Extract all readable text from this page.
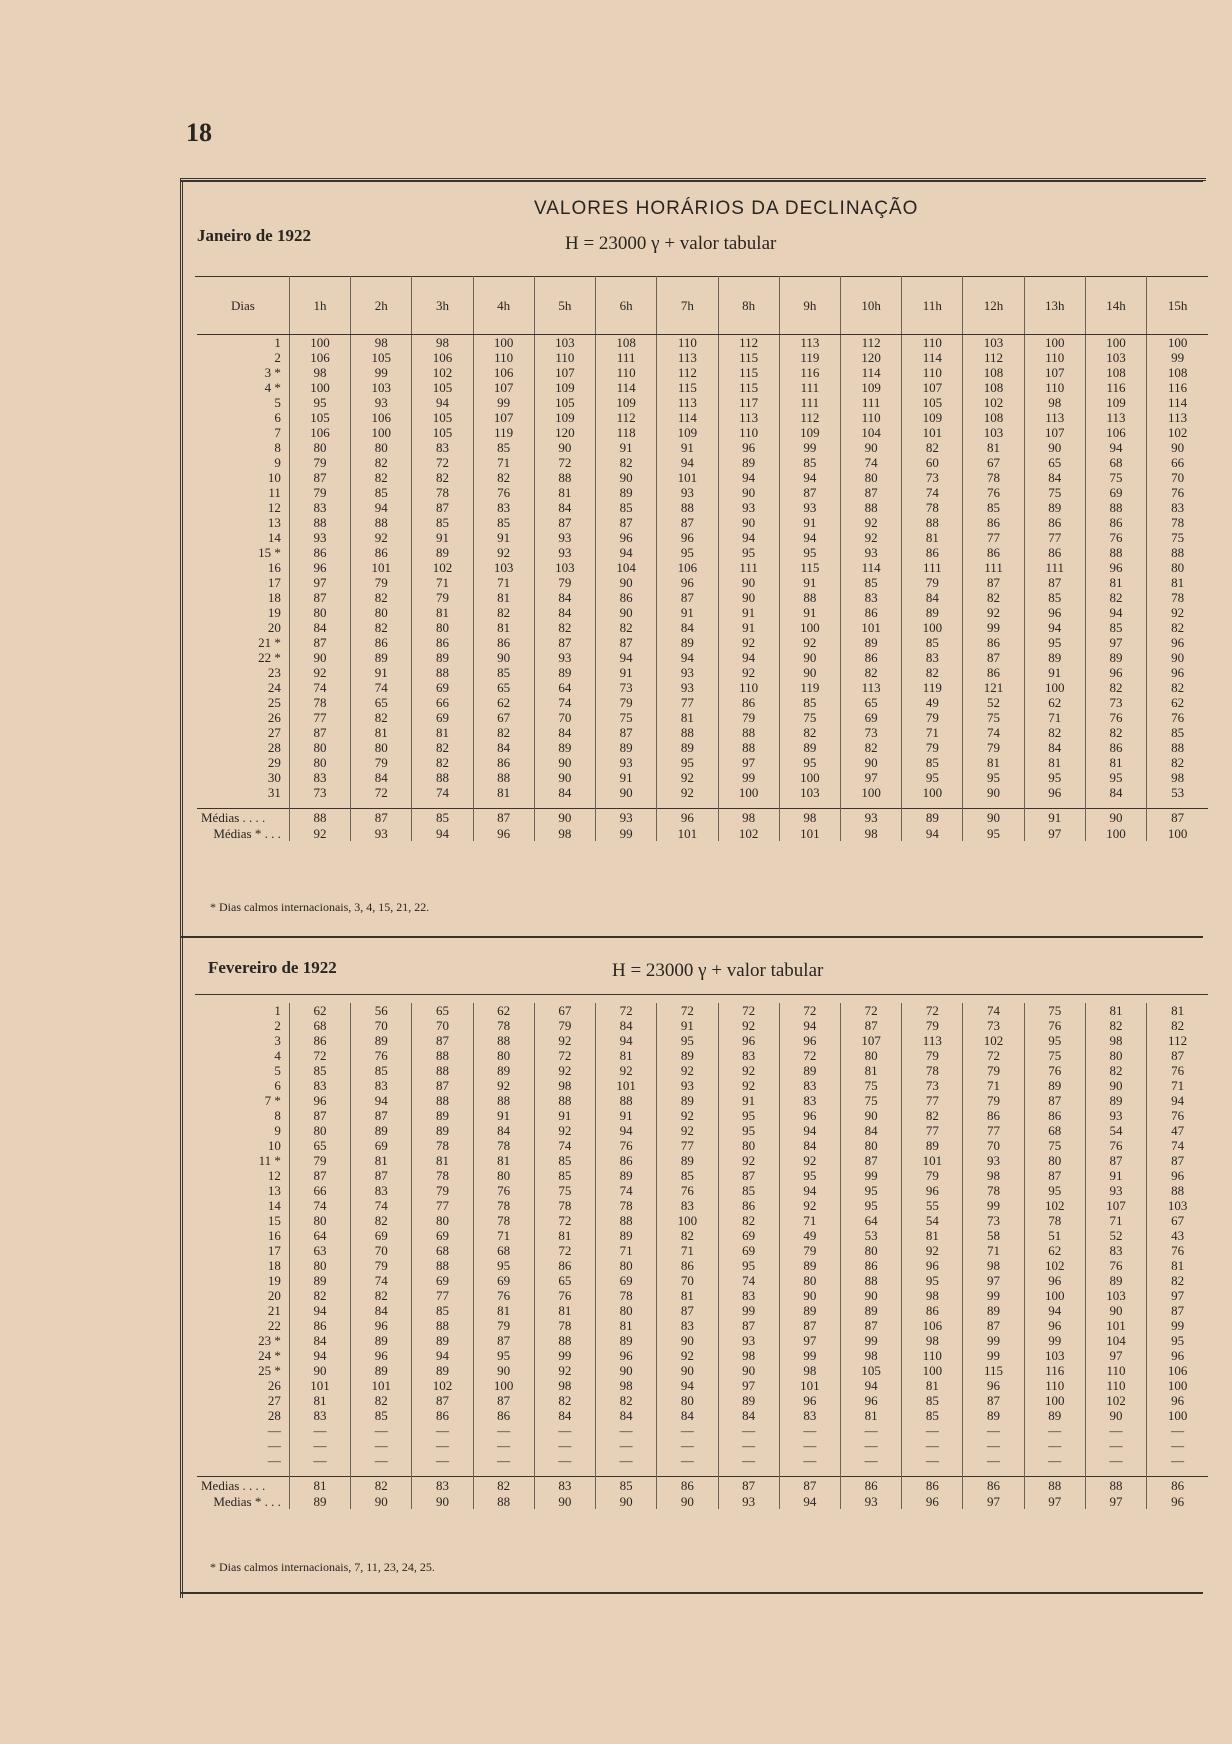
18
Janeiro de 1922
VALORES HORÁRIOS DA DECLINAÇÃO
H = 23000 γ + valor tabular
Dias	1h	2h	3h	4h	5h	6h	7h	8h	9h	10h	11h	12h	13h	14h	15h
1	100	98	98	100	103	108	110	112	113	112	110	103	100	100	100
2	106	105	106	110	110	111	113	115	119	120	114	112	110	103	99
3 *	98	99	102	106	107	110	112	115	116	114	110	108	107	108	108
4 *	100	103	105	107	109	114	115	115	111	109	107	108	110	116	116
5	95	93	94	99	105	109	113	117	111	111	105	102	98	109	114
6	105	106	105	107	109	112	114	113	112	110	109	108	113	113	113
7	106	100	105	119	120	118	109	110	109	104	101	103	107	106	102
8	80	80	83	85	90	91	91	96	99	90	82	81	90	94	90
9	79	82	72	71	72	82	94	89	85	74	60	67	65	68	66
10	87	82	82	82	88	90	101	94	94	80	73	78	84	75	70
11	79	85	78	76	81	89	93	90	87	87	74	76	75	69	76
12	83	94	87	83	84	85	88	93	93	88	78	85	89	88	83
13	88	88	85	85	87	87	87	90	91	92	88	86	86	86	78
14	93	92	91	91	93	96	96	94	94	92	81	77	77	76	75
15 *	86	86	89	92	93	94	95	95	95	93	86	86	86	88	88
16	96	101	102	103	103	104	106	111	115	114	111	111	111	96	80
17	97	79	71	71	79	90	96	90	91	85	79	87	87	81	81
18	87	82	79	81	84	86	87	90	88	83	84	82	85	82	78
19	80	80	81	82	84	90	91	91	91	86	89	92	96	94	92
20	84	82	80	81	82	82	84	91	100	101	100	99	94	85	82
21 *	87	86	86	86	87	87	89	92	92	89	85	86	95	97	96
22 *	90	89	89	90	93	94	94	94	90	86	83	87	89	89	90
23	92	91	88	85	89	91	93	92	90	82	82	86	91	96	96
24	74	74	69	65	64	73	93	110	119	113	119	121	100	82	82
25	78	65	66	62	74	79	77	86	85	65	49	52	62	73	62
26	77	82	69	67	70	75	81	79	75	69	79	75	71	76	76
27	87	81	81	82	84	87	88	88	82	73	71	74	82	82	85
28	80	80	82	84	89	89	89	88	89	82	79	79	84	86	88
29	80	79	82	86	90	93	95	97	95	90	85	81	81	81	82
30	83	84	88	88	90	91	92	99	100	97	95	95	95	95	98
31	73	72	74	81	84	90	92	100	103	100	100	90	96	84	53

Médias . . . .	88	87	85	87	90	93	96	98	98	93	89	90	91	90	87
Médias * . . .	92	93	94	96	98	99	101	102	101	98	94	95	97	100	100
* Dias calmos internacionais, 3, 4, 15, 21, 22.
Fevereiro de 1922	H = 23000 γ + valor tabular
1	62	56	65	62	67	72	72	72	72	72	72	74	75	81	81
2	68	70	70	78	79	84	91	92	94	87	79	73	76	82	82
3	86	89	87	88	92	94	95	96	96	107	113	102	95	98	112
4	72	76	88	80	72	81	89	83	72	80	79	72	75	80	87
5	85	85	88	89	92	92	92	92	89	81	78	79	76	82	76
6	83	83	87	92	98	101	93	92	83	75	73	71	89	90	71
7 *	96	94	88	88	88	88	89	91	83	75	77	79	87	89	94
8	87	87	89	91	91	91	92	95	96	90	82	86	86	93	76
9	80	89	89	84	92	94	92	95	94	84	77	77	68	54	47
10	65	69	78	78	74	76	77	80	84	80	89	70	75	76	74
11 *	79	81	81	81	85	86	89	92	92	87	101	93	80	87	87
12	87	87	78	80	85	89	85	87	95	99	79	98	87	91	96
13	66	83	79	76	75	74	76	85	94	95	96	78	95	93	88
14	74	74	77	78	78	78	83	86	92	95	55	99	102	107	103
15	80	82	80	78	72	88	100	82	71	64	54	73	78	71	67
16	64	69	69	71	81	89	82	69	49	53	81	58	51	52	43
17	63	70	68	68	72	71	71	69	79	80	92	71	62	83	76
18	80	79	88	95	86	80	86	95	89	86	96	98	102	76	81
19	89	74	69	69	65	69	70	74	80	88	95	97	96	89	82
20	82	82	77	76	76	78	81	83	90	90	98	99	100	103	97
21	94	84	85	81	81	80	87	99	89	89	86	89	94	90	87
22	86	96	88	79	78	81	83	87	87	87	106	87	96	101	99
23 *	84	89	89	87	88	89	90	93	97	99	98	99	99	104	95
24 *	94	96	94	95	99	96	92	98	99	98	110	99	103	97	96
25 *	90	89	89	90	92	90	90	90	98	105	100	115	116	110	106
26	101	101	102	100	98	98	94	97	101	94	81	96	110	110	100
27	81	82	87	87	82	82	80	89	96	96	85	87	100	102	96
28	83	85	86	86	84	84	84	84	83	81	85	89	89	90	100
—	—	—	—	—	—	—	—	—	—	—	—	—	—	—	—
—	—	—	—	—	—	—	—	—	—	—	—	—	—	—	—
—	—	—	—	—	—	—	—	—	—	—	—	—	—	—	—

Medias . . . .	81	82	83	82	83	85	86	87	87	86	86	86	88	88	86
Medias * . . .	89	90	90	88	90	90	90	93	94	93	96	97	97	97	96
* Dias calmos internacionais, 7, 11, 23, 24, 25.
